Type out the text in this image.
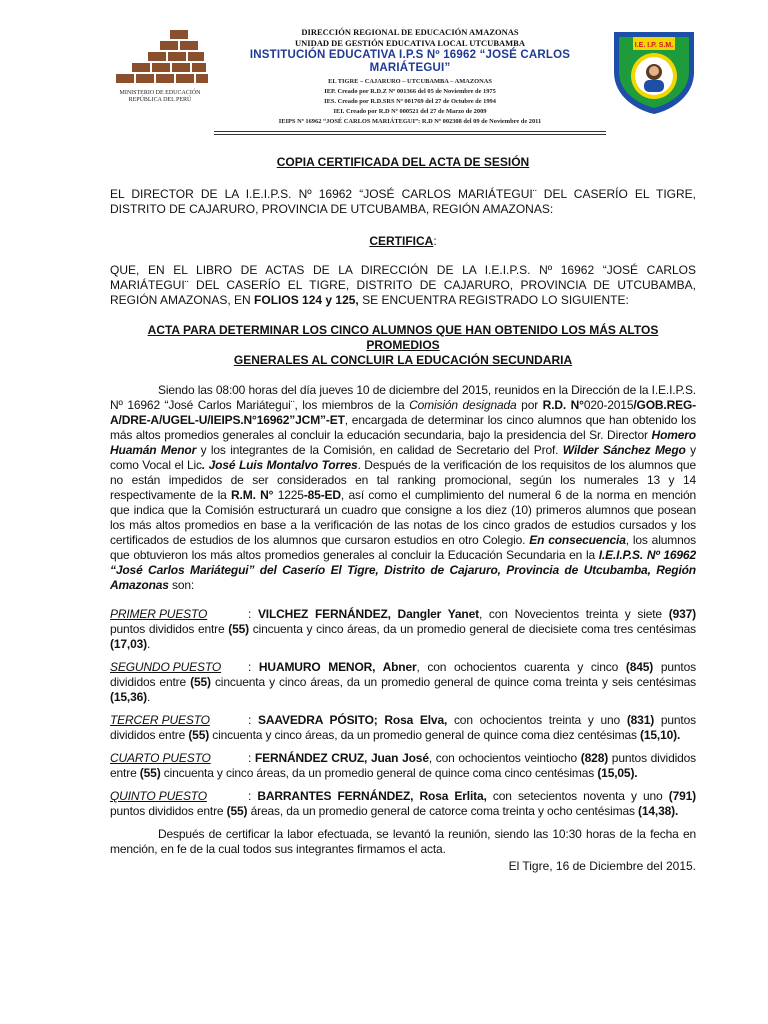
MINISTERIO DE EDUCACIÓN
REPÚBLICA DEL PERÚ
DIRECCIÓN REGIONAL DE EDUCACIÓN AMAZONAS
UNIDAD DE GESTIÓN EDUCATIVA LOCAL UTCUBAMBA
INSTITUCIÓN EDUCATIVA I.P.S Nº 16962 “JOSÉ CARLOS MARIÁTEGUI”
EL TIGRE – CAJARURO – UTCUBAMBA – AMAZONAS
IEP. Creado por R.D.Z Nº 001366 del 05 de Noviembre de 1975
IES. Creado por R.D.SRS Nº 001769 del 27 de Octubre de 1994
IEI. Creado por R.D Nº 000521 del 27 de Marzo de 2009
IEIPS Nº 16962 “JOSÉ CARLOS MARIÁTEGUI”: R.D Nº 002308 del 09 de Noviembre de 2011
I.E. I.P. S.M.

COPIA CERTIFICADA DEL ACTA DE SESIÓN

EL DIRECTOR DE LA I.E.I.P.S. Nº 16962 “JOSÉ CARLOS MARIÁTEGUI¨ DEL CASERÍO EL TIGRE, DISTRITO DE CAJARURO, PROVINCIA DE UTCUBAMBA, REGIÓN AMAZONAS:

CERTIFICA:

QUE, EN EL LIBRO DE ACTAS DE LA DIRECCIÓN DE LA I.E.I.P.S. Nº 16962 “JOSÉ CARLOS MARIÁTEGUI¨ DEL CASERÍO EL TIGRE, DISTRITO DE CAJARURO, PROVINCIA DE UTCUBAMBA, REGIÓN AMAZONAS, EN FOLIOS 124 y 125, SE ENCUENTRA REGISTRADO LO SIGUIENTE:

ACTA PARA DETERMINAR LOS CINCO ALUMNOS QUE HAN OBTENIDO LOS MÁS ALTOS PROMEDIOS
GENERALES AL CONCLUIR LA EDUCACIÓN SECUNDARIA

Siendo las 08:00 horas del día jueves 10 de diciembre del 2015, reunidos en la Dirección de la I.E.I.P.S. Nº 16962 “José Carlos Mariátegui¨, los miembros de la Comisión designada por R.D. N°020-2015/GOB.REG-A/DRE-A/UGEL-U/IEIPS.N°16962”JCM”-ET, encargada de determinar los cinco alumnos que han obtenido los más altos promedios generales al concluir la educación secundaria, bajo la presidencia del Sr. Director Homero Huamán Menor y los integrantes de la Comisión, en calidad de Secretario del Prof. Wilder Sánchez Mego y como Vocal el Lic. José Luis Montalvo Torres. Después de la verificación de los requisitos de los alumnos que no están impedidos de ser considerados en tal ranking promocional, según los numerales 13 y 14 respectivamente de la R.M. N° 1225-85-ED, así como el cumplimiento del numeral 6 de la norma en mención que indica que la Comisión estructurará un cuadro que consigne a los diez (10) primeros alumnos que posean los más altos promedios en base a la verificación de las notas de los cinco grados de estudios cursados y los certificados de estudios de los alumnos que cursaron estudios en otro Colegio. En consecuencia, los alumnos que obtuvieron los más altos promedios generales al concluir la Educación Secundaria en la I.E.I.P.S. Nº 16962 “José Carlos Mariátegui” del Caserío El Tigre, Distrito de Cajaruro, Provincia de Utcubamba, Región Amazonas son:

PRIMER PUESTO	: VILCHEZ FERNÁNDEZ, Dangler Yanet, con Novecientos treinta y siete (937) puntos divididos entre (55) cincuenta y cinco áreas, da un promedio general de diecisiete coma tres centésimas (17,03).

SEGUNDO PUESTO : HUAMURO MENOR, Abner, con ochocientos cuarenta y cinco (845) puntos divididos entre (55) cincuenta y cinco áreas, da un promedio general de quince coma treinta y seis centésimas (15,36).

TERCER PUESTO	: SAAVEDRA PÓSITO; Rosa Elva, con ochocientos treinta y uno (831) puntos divididos entre (55) cincuenta y cinco áreas, da un promedio general de quince coma diez centésimas (15,10).

CUARTO PUESTO	: FERNÁNDEZ CRUZ, Juan José, con ochocientos veintiocho (828) puntos divididos entre (55) cincuenta y cinco áreas, da un promedio general de quince coma cinco centésimas (15,05).

QUINTO PUESTO	: BARRANTES FERNÁNDEZ, Rosa Erlita, con setecientos noventa y uno (791) puntos divididos entre (55) áreas, da un promedio general de catorce coma treinta y ocho centésimas (14,38).

Después de certificar la labor efectuada, se levantó la reunión, siendo las 10:30 horas de la fecha en mención, en fe de la cual todos sus integrantes firmamos el acta.

El Tigre, 16 de Diciembre del 2015.
